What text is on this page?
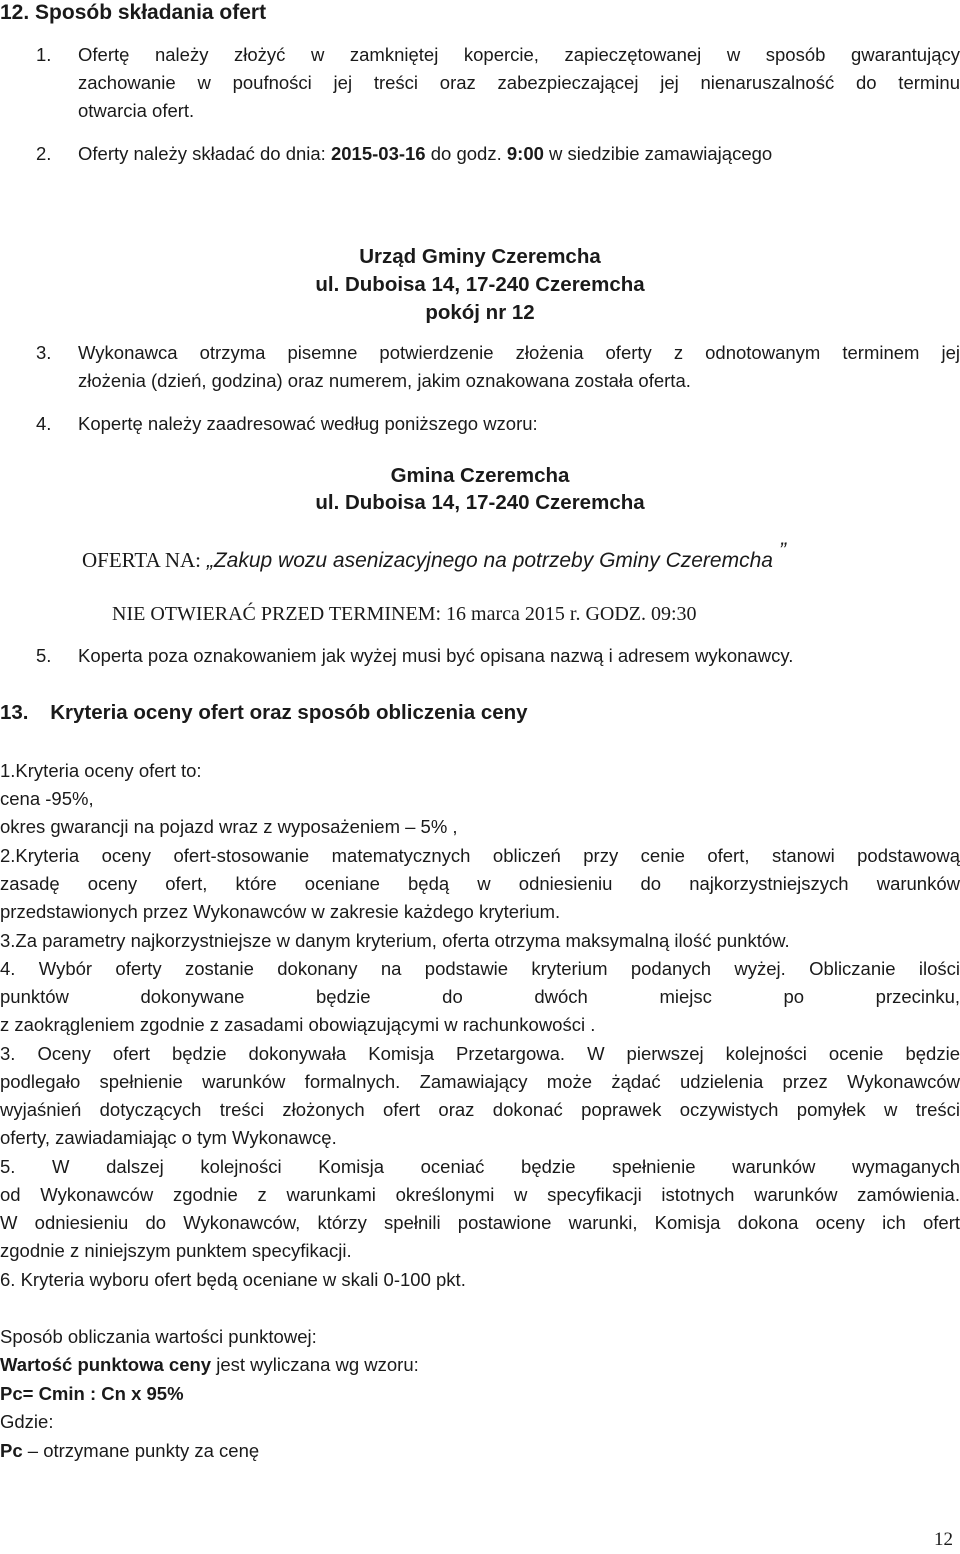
12. Sposób składania ofert
1. Ofertę należy złożyć w zamkniętej kopercie, zapieczętowanej w sposób gwarantujący
zachowanie w poufności jej treści oraz zabezpieczającej jej nienaruszalność do terminu
otwarcia ofert.
2. Oferty należy składać do dnia: 2015-03-16 do godz. 9:00 w siedzibie zamawiającego
Urząd Gminy Czeremcha
ul. Duboisa 14, 17-240 Czeremcha
pokój nr 12
3. Wykonawca otrzyma pisemne potwierdzenie złożenia oferty z odnotowanym terminem jej
złożenia (dzień, godzina) oraz numerem, jakim oznakowana została oferta.
4. Kopertę należy zaadresować według poniższego wzoru:
Gmina Czeremcha
ul. Duboisa 14, 17-240 Czeremcha
OFERTA NA: „Zakup wozu asenizacyjnego na potrzeby Gminy Czeremcha ”
NIE OTWIERAĆ PRZED TERMINEM: 16 marca 2015 r. GODZ. 09:30
5. Koperta poza oznakowaniem jak wyżej musi być opisana nazwą i adresem wykonawcy.
13. Kryteria oceny ofert oraz sposób obliczenia ceny
1.Kryteria oceny ofert to:
cena -95%,
okres gwarancji na pojazd wraz z wyposażeniem – 5% ,
2.Kryteria oceny ofert-stosowanie matematycznych obliczeń przy cenie ofert, stanowi podstawową
zasadę oceny ofert, które oceniane będą w odniesieniu do najkorzystniejszych warunków
przedstawionych przez Wykonawców w zakresie każdego kryterium.
3.Za parametry najkorzystniejsze w danym kryterium, oferta otrzyma maksymalną ilość punktów.
4. Wybór oferty zostanie dokonany na podstawie kryterium podanych wyżej. Obliczanie ilości
punktów dokonywane będzie do dwóch miejsc po przecinku,
z zaokrągleniem zgodnie z zasadami obowiązującymi w rachunkowości .
3. Oceny ofert będzie dokonywała Komisja Przetargowa. W pierwszej kolejności ocenie będzie
podlegało spełnienie warunków formalnych. Zamawiający może żądać udzielenia przez Wykonawców
wyjaśnień dotyczących treści złożonych ofert oraz dokonać poprawek oczywistych pomyłek w treści
oferty, zawiadamiając o tym Wykonawcę.
5. W dalszej kolejności Komisja oceniać będzie spełnienie warunków wymaganych
od Wykonawców zgodnie z warunkami określonymi w specyfikacji istotnych warunków zamówienia.
W odniesieniu do Wykonawców, którzy spełnili postawione warunki, Komisja dokona oceny ich ofert
zgodnie z niniejszym punktem specyfikacji.
6. Kryteria wyboru ofert będą oceniane w skali 0-100 pkt.
Sposób obliczania wartości punktowej:
Wartość punktowa ceny jest wyliczana wg wzoru:
Pc= Cmin : Cn x 95%
Gdzie:
Pc – otrzymane punkty za cenę
12
